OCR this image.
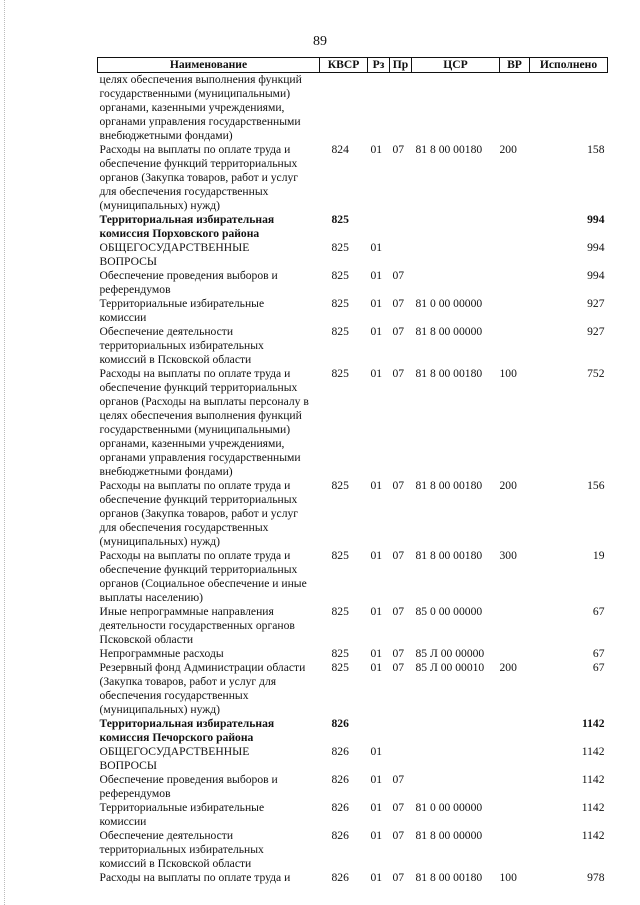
89
Наименование	КВСР	Рз	Пр	ЦСР	ВР	Исполнено
целях обеспечения выполнения функций государственными (муниципальными) органами, казенными учреждениями, органами управления государственными внебюджетными фондами)						
Расходы на выплаты по оплате труда и обеспечение функций территориальных органов (Закупка товаров, работ и услуг для обеспечения государственных (муниципальных) нужд)	824	01	07	81 8 00 00180	200	158
Территориальная избирательная комиссия Порховского района	825					994
ОБЩЕГОСУДАРСТВЕННЫЕ ВОПРОСЫ	825	01				994
Обеспечение проведения выборов и референдумов	825	01	07			994
Территориальные избирательные комиссии	825	01	07	81 0 00 00000		927
Обеспечение деятельности территориальных избирательных комиссий в Псковской области	825	01	07	81 8 00 00000		927
Расходы на выплаты по оплате труда и обеспечение функций территориальных органов (Расходы на выплаты персоналу в целях обеспечения выполнения функций государственными (муниципальными) органами, казенными учреждениями, органами управления государственными внебюджетными фондами)	825	01	07	81 8 00 00180	100	752
Расходы на выплаты по оплате труда и обеспечение функций территориальных органов (Закупка товаров, работ и услуг для обеспечения государственных (муниципальных) нужд)	825	01	07	81 8 00 00180	200	156
Расходы на выплаты по оплате труда и обеспечение функций территориальных органов (Социальное обеспечение и иные выплаты населению)	825	01	07	81 8 00 00180	300	19
Иные непрограммные направления деятельности государственных органов Псковской области	825	01	07	85 0 00 00000		67
Непрограммные расходы	825	01	07	85 Л 00 00000		67
Резервный фонд Администрации области (Закупка товаров, работ и услуг для обеспечения государственных (муниципальных) нужд)	825	01	07	85 Л 00 00010	200	67
Территориальная избирательная комиссия Печорского района	826					1142
ОБЩЕГОСУДАРСТВЕННЫЕ ВОПРОСЫ	826	01				1142
Обеспечение проведения выборов и референдумов	826	01	07			1142
Территориальные избирательные комиссии	826	01	07	81 0 00 00000		1142
Обеспечение деятельности территориальных избирательных комиссий в Псковской области	826	01	07	81 8 00 00000		1142
Расходы на выплаты по оплате труда и	826	01	07	81 8 00 00180	100	978
